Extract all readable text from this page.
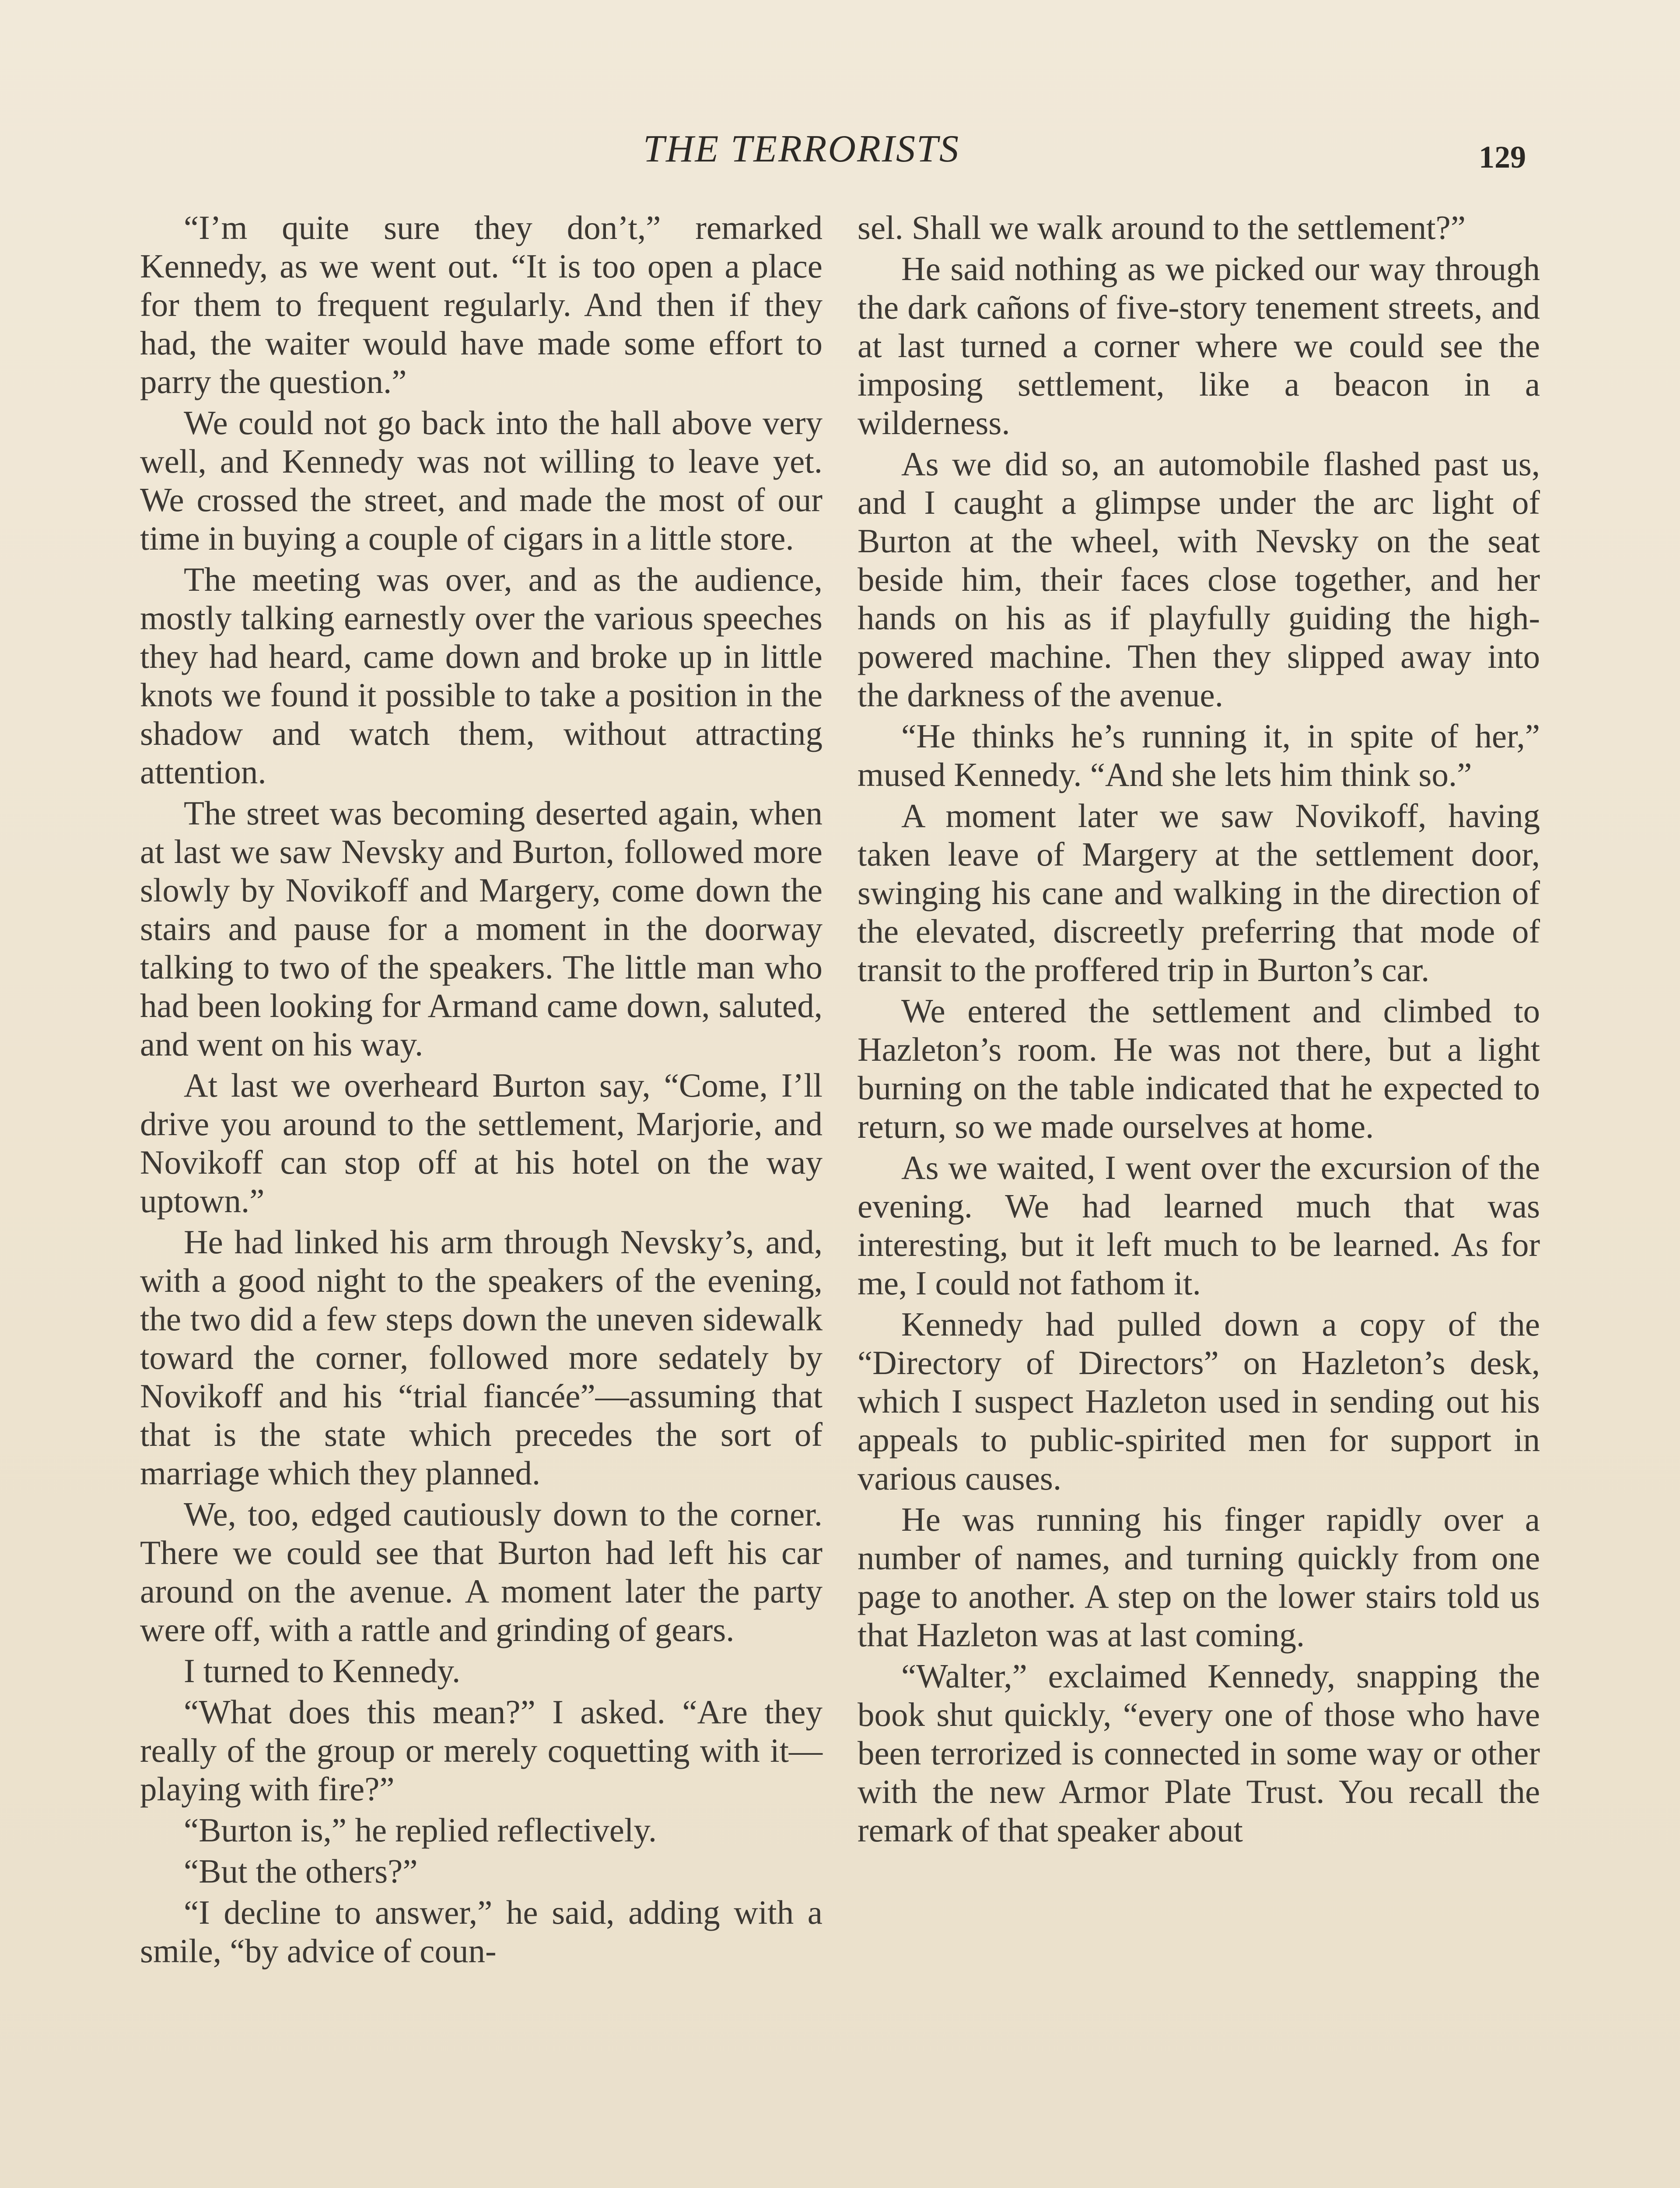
THE TERRORISTS	129

“I’m quite sure they don’t,” remarked Kennedy, as we went out. “It is too open a place for them to frequent regularly. And then if they had, the waiter would have made some effort to parry the question.”

We could not go back into the hall above very well, and Kennedy was not willing to leave yet. We crossed the street, and made the most of our time in buying a couple of cigars in a little store.

The meeting was over, and as the audience, mostly talking earnestly over the various speeches they had heard, came down and broke up in little knots we found it possible to take a position in the shadow and watch them, without attracting attention.

The street was becoming deserted again, when at last we saw Nevsky and Burton, followed more slowly by Novikoff and Margery, come down the stairs and pause for a moment in the doorway talking to two of the speakers. The little man who had been looking for Armand came down, saluted, and went on his way.

At last we overheard Burton say, “Come, I’ll drive you around to the settlement, Marjorie, and Novikoff can stop off at his hotel on the way uptown.”

He had linked his arm through Nevsky’s, and, with a good night to the speakers of the evening, the two did a few steps down the uneven sidewalk toward the corner, followed more sedately by Novikoff and his “trial fiancée”—assuming that that is the state which precedes the sort of marriage which they planned.

We, too, edged cautiously down to the corner. There we could see that Burton had left his car around on the avenue. A moment later the party were off, with a rattle and grinding of gears.

I turned to Kennedy.

“What does this mean?” I asked. “Are they really of the group or merely coquetting with it—playing with fire?”

“Burton is,” he replied reflectively.

“But the others?”

“I decline to answer,” he said, adding with a smile, “by advice of coun-

sel. Shall we walk around to the settlement?”

He said nothing as we picked our way through the dark cañons of five-story tenement streets, and at last turned a corner where we could see the imposing settlement, like a beacon in a wilderness.

As we did so, an automobile flashed past us, and I caught a glimpse under the arc light of Burton at the wheel, with Nevsky on the seat beside him, their faces close together, and her hands on his as if playfully guiding the high-powered machine. Then they slipped away into the darkness of the avenue.

“He thinks he’s running it, in spite of her,” mused Kennedy. “And she lets him think so.”

A moment later we saw Novikoff, having taken leave of Margery at the settlement door, swinging his cane and walking in the direction of the elevated, discreetly preferring that mode of transit to the proffered trip in Burton’s car.

We entered the settlement and climbed to Hazleton’s room. He was not there, but a light burning on the table indicated that he expected to return, so we made ourselves at home.

As we waited, I went over the excursion of the evening. We had learned much that was interesting, but it left much to be learned. As for me, I could not fathom it.

Kennedy had pulled down a copy of the “Directory of Directors” on Hazleton’s desk, which I suspect Hazleton used in sending out his appeals to public-spirited men for support in various causes.

He was running his finger rapidly over a number of names, and turning quickly from one page to another. A step on the lower stairs told us that Hazleton was at last coming.

“Walter,” exclaimed Kennedy, snapping the book shut quickly, “every one of those who have been terrorized is connected in some way or other with the new Armor Plate Trust. You recall the remark of that speaker about
